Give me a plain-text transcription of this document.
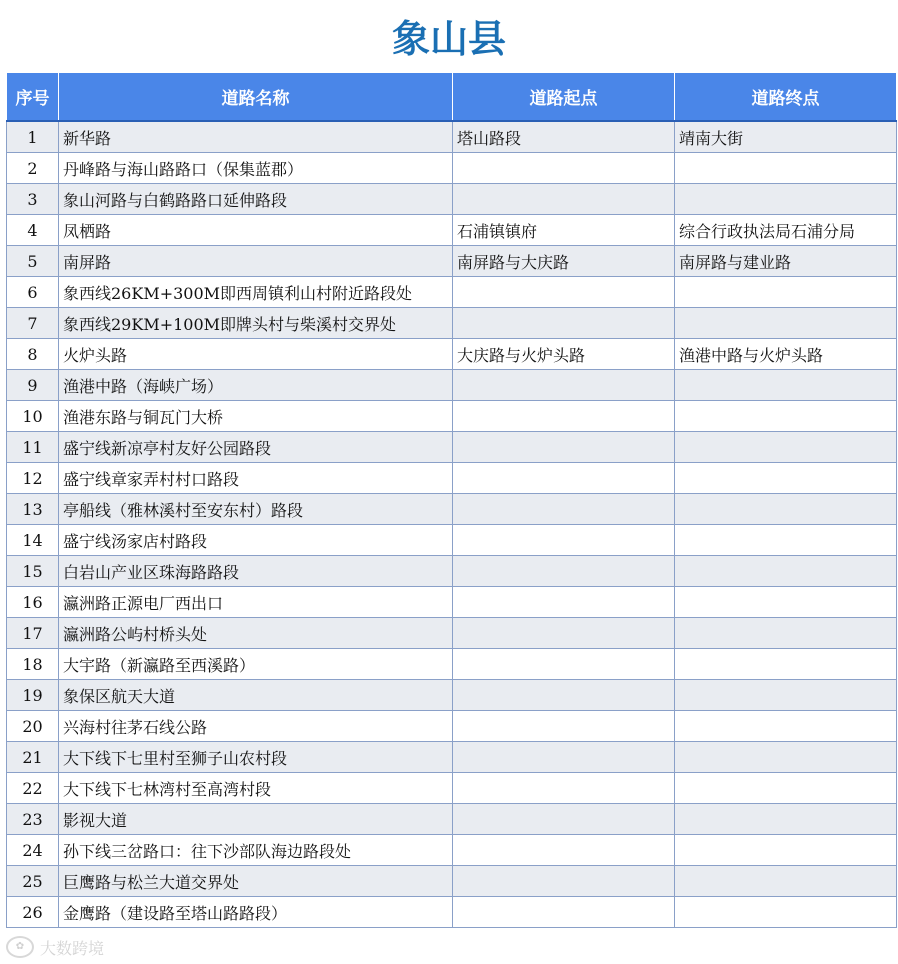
象山县
序号	道路名称	道路起点	道路终点
1	新华路	塔山路段	靖南大街
2	丹峰路与海山路路口（保集蓝郡）		
3	象山河路与白鹤路路口延伸路段		
4	凤栖路	石浦镇镇府	综合行政执法局石浦分局
5	南屏路	南屏路与大庆路	南屏路与建业路
6	象西线26KM+300M即西周镇利山村附近路段处		
7	象西线29KM+100M即牌头村与柴溪村交界处		
8	火炉头路	大庆路与火炉头路	渔港中路与火炉头路
9	渔港中路（海峡广场）		
10	渔港东路与铜瓦门大桥		
11	盛宁线新凉亭村友好公园路段		
12	盛宁线章家弄村村口路段		
13	亭船线（雅林溪村至安东村）路段		
14	盛宁线汤家店村路段		
15	白岩山产业区珠海路路段		
16	瀛洲路正源电厂西出口		
17	瀛洲路公屿村桥头处		
18	大宇路（新瀛路至西溪路）		
19	象保区航天大道		
20	兴海村往茅石线公路		
21	大下线下七里村至狮子山农村段		
22	大下线下七林湾村至高湾村段		
23	影视大道		
24	孙下线三岔路口：往下沙部队海边路段处		
25	巨鹰路与松兰大道交界处		
26	金鹰路（建设路至塔山路路段）		
✿ 大数跨境
